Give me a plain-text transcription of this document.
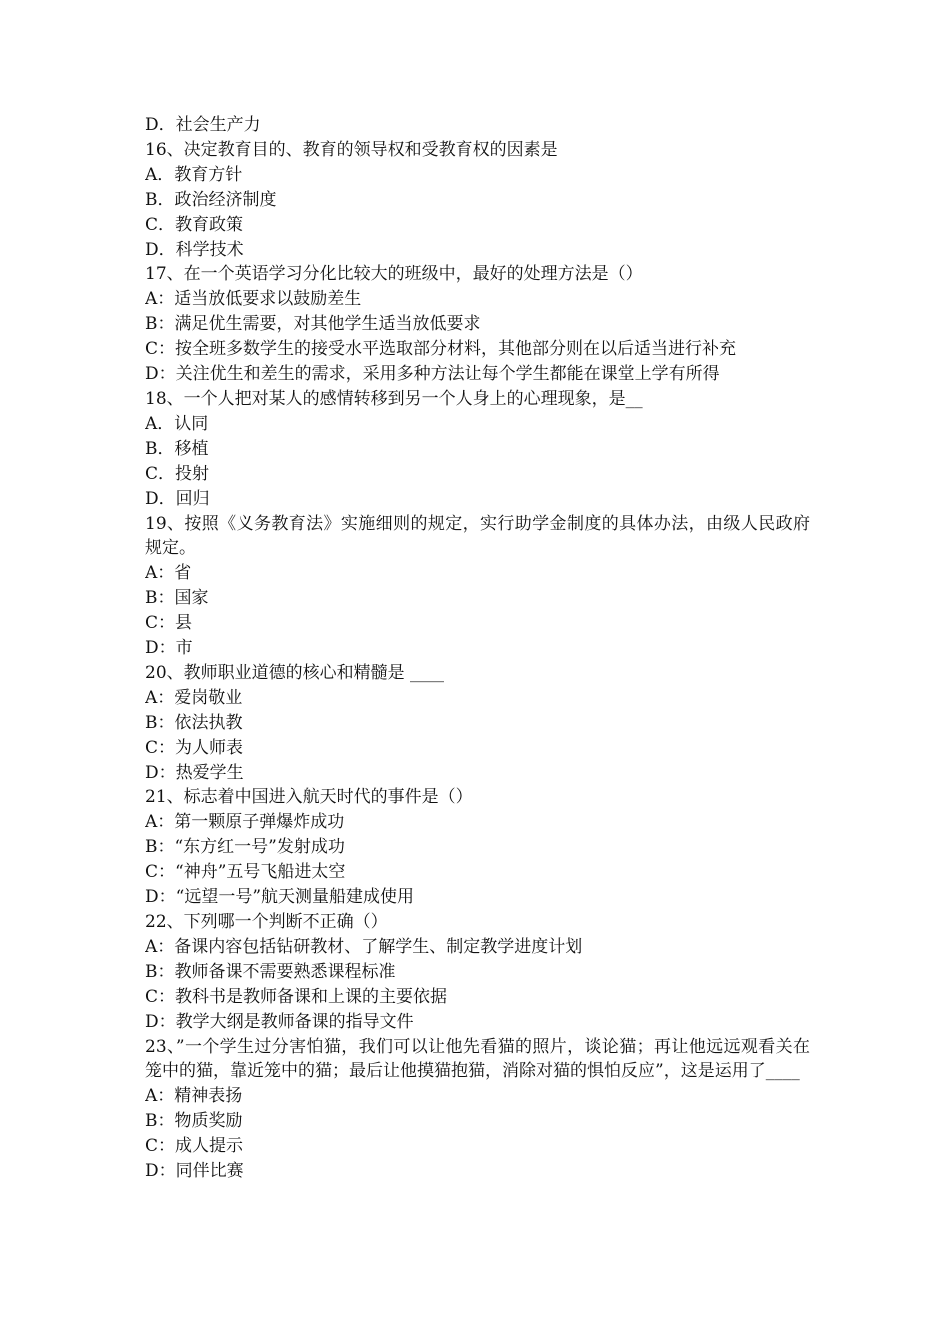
D．社会生产力

16、决定教育目的、教育的领导权和受教育权的因素是

A．教育方针

B．政治经济制度

C．教育政策

D．科学技术

17、在一个英语学习分化比较大的班级中，最好的处理方法是（）

A：适当放低要求以鼓励差生

B：满足优生需要，对其他学生适当放低要求

C：按全班多数学生的接受水平选取部分材料，其他部分则在以后适当进行补充

D：关注优生和差生的需求，采用多种方法让每个学生都能在课堂上学有所得

18、一个人把对某人的感情转移到另一个人身上的心理现象，是__

A．认同

B．移植

C．投射

D．回归

19、按照《义务教育法》实施细则的规定，实行助学金制度的具体办法，由级人民政府规定。

A：省

B：国家

C：县

D：市

20、教师职业道德的核心和精髓是 ____

A：爱岗敬业

B：依法执教

C：为人师表

D：热爱学生

21、标志着中国进入航天时代的事件是（）

A：第一颗原子弹爆炸成功

B：“东方红一号”发射成功

C：“神舟”五号飞船进太空

D：“远望一号”航天测量船建成使用

22、下列哪一个判断不正确（）

A：备课内容包括钻研教材、了解学生、制定教学进度计划

B：教师备课不需要熟悉课程标准

C：教科书是教师备课和上课的主要依据

D：教学大纲是教师备课的指导文件

23、”一个学生过分害怕猫，我们可以让他先看猫的照片，谈论猫；再让他远远观看关在笼中的猫，靠近笼中的猫；最后让他摸猫抱猫，消除对猫的惧怕反应”，这是运用了____

A：精神表扬

B：物质奖励

C：成人提示

D：同伴比赛
